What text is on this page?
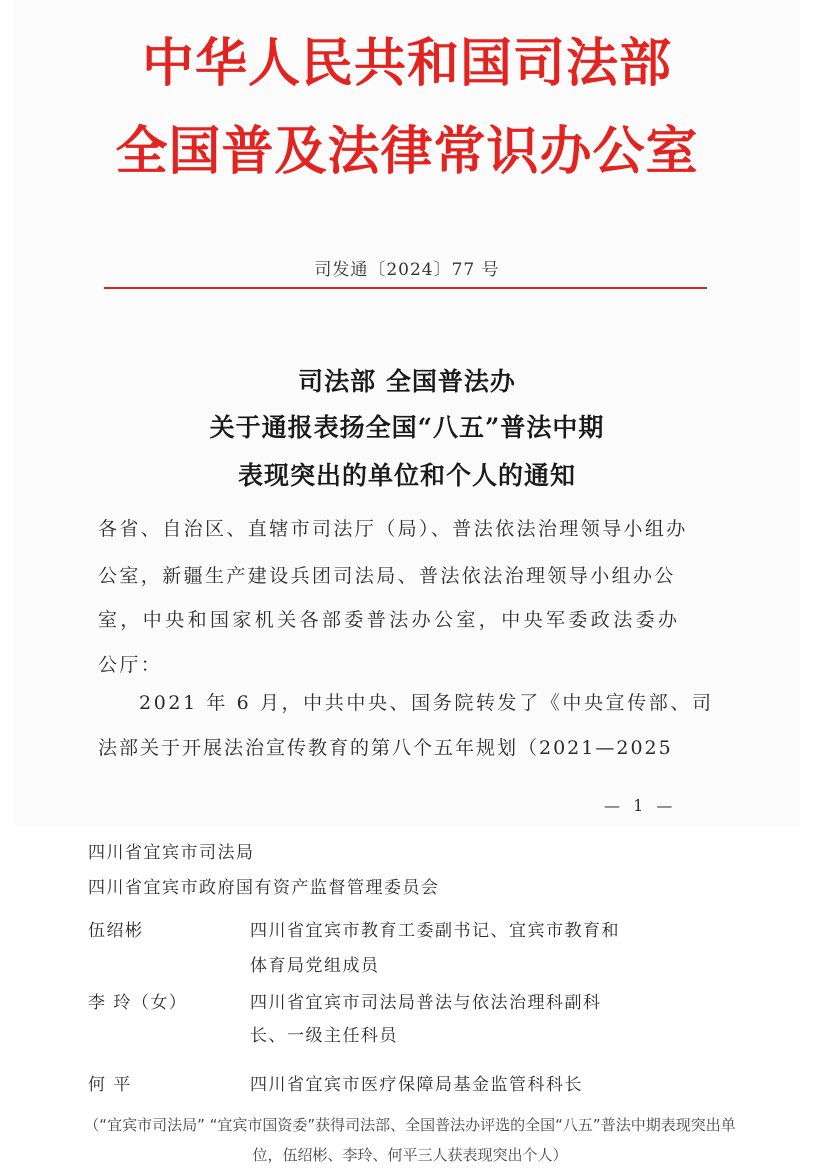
中华人民共和国司法部
全国普及法律常识办公室
司发通〔2024〕77 号
司法部 全国普法办
关于通报表扬全国“八五”普法中期
表现突出的单位和个人的通知
各省、自治区、直辖市司法厅（局）、普法依法治理领导小组办
公室，新疆生产建设兵团司法局、普法依法治理领导小组办公
室，中央和国家机关各部委普法办公室，中央军委政法委办
公厅：
2021 年 6 月，中共中央、国务院转发了《中央宣传部、司
法部关于开展法治宣传教育的第八个五年规划（2021—2025
— 1 —
四川省宜宾市司法局
四川省宜宾市政府国有资产监督管理委员会
伍绍彬	四川省宜宾市教育工委副书记、宜宾市教育和
体育局党组成员
李 玲（女）	四川省宜宾市司法局普法与依法治理科副科
长、一级主任科员
何 平	四川省宜宾市医疗保障局基金监管科科长
（“宜宾市司法局” “宜宾市国资委”获得司法部、全国普法办评选的全国“八五”普法中期表现突出单
位，伍绍彬、李玲、何平三人获表现突出个人）
